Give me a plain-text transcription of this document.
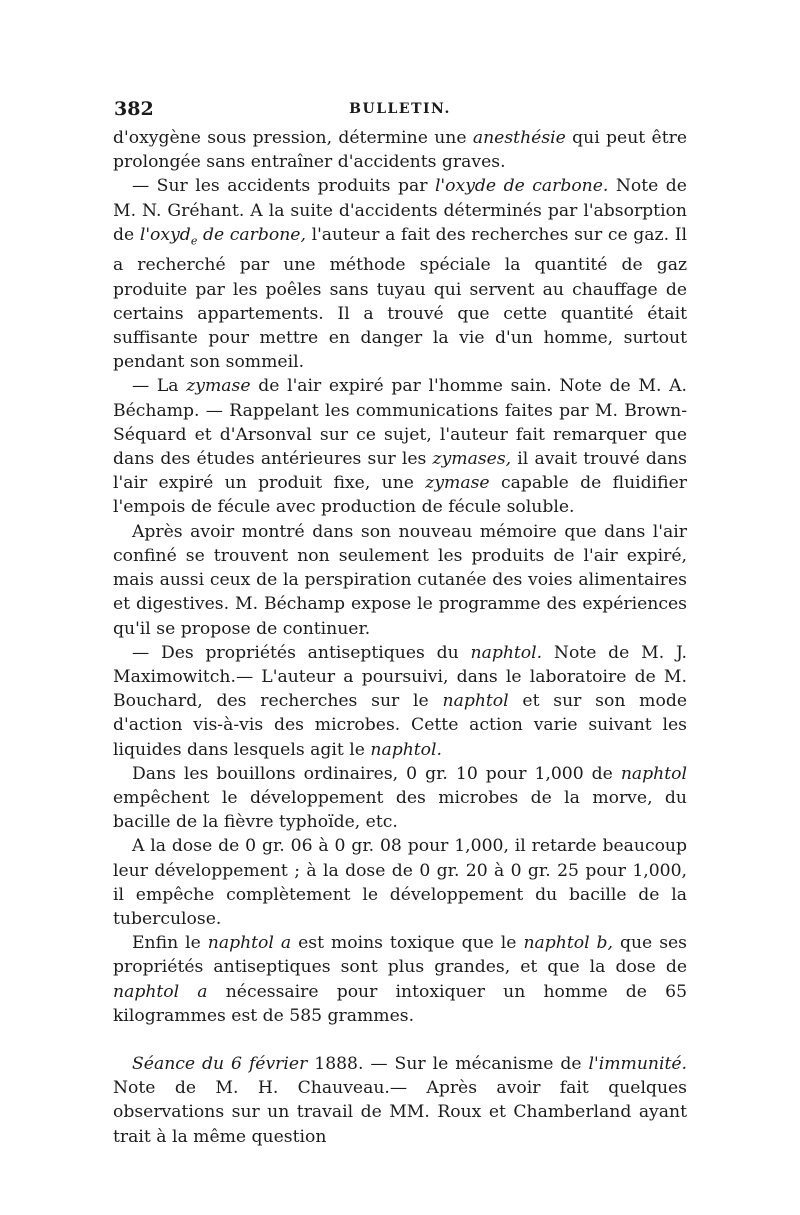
382	BULLETIN.

d'oxygène sous pression, détermine une anesthésie qui peut être prolongée sans entraîner d'accidents graves.

— Sur les accidents produits par l'oxyde de carbone. Note de M. N. Gréhant. A la suite d'accidents déterminés par l'absorption de l'oxyd$_e$ de carbone, l'auteur a fait des recherches sur ce gaz. Il a recherché par une méthode spéciale la quantité de gaz produite par les poêles sans tuyau qui servent au chauffage de certains appartements. Il a trouvé que cette quantité était suffisante pour mettre en danger la vie d'un homme, surtout pendant son sommeil.

— La zymase de l'air expiré par l'homme sain. Note de M. A. Béchamp. — Rappelant les communications faites par M. Brown-Séquard et d'Arsonval sur ce sujet, l'auteur fait remarquer que dans des études antérieures sur les zymases, il avait trouvé dans l'air expiré un produit fixe, une zymase capable de fluidifier l'empois de fécule avec production de fécule soluble.

Après avoir montré dans son nouveau mémoire que dans l'air confiné se trouvent non seulement les produits de l'air expiré, mais aussi ceux de la perspiration cutanée des voies alimentaires et digestives. M. Béchamp expose le programme des expériences qu'il se propose de continuer.

— Des propriétés antiseptiques du naphtol. Note de M. J. Maximowitch.— L'auteur a poursuivi, dans le laboratoire de M. Bouchard, des recherches sur le naphtol et sur son mode d'action vis-à-vis des microbes. Cette action varie suivant les liquides dans lesquels agit le naphtol.

Dans les bouillons ordinaires, 0 gr. 10 pour 1,000 de naphtol empêchent le développement des microbes de la morve, du bacille de la fièvre typhoïde, etc.

A la dose de 0 gr. 06 à 0 gr. 08 pour 1,000, il retarde beaucoup leur développement ; à la dose de 0 gr. 20 à 0 gr. 25 pour 1,000, il empêche complètement le développement du bacille de la tuberculose.

Enfin le naphtol a est moins toxique que le naphtol b, que ses propriétés antiseptiques sont plus grandes, et que la dose de naphtol a nécessaire pour intoxiquer un homme de 65 kilogrammes est de 585 grammes.

Séance du 6 février 1888. — Sur le mécanisme de l'immunité. Note de M. H. Chauveau.— Après avoir fait quelques observations sur un travail de MM. Roux et Chamberland ayant trait à la même question
